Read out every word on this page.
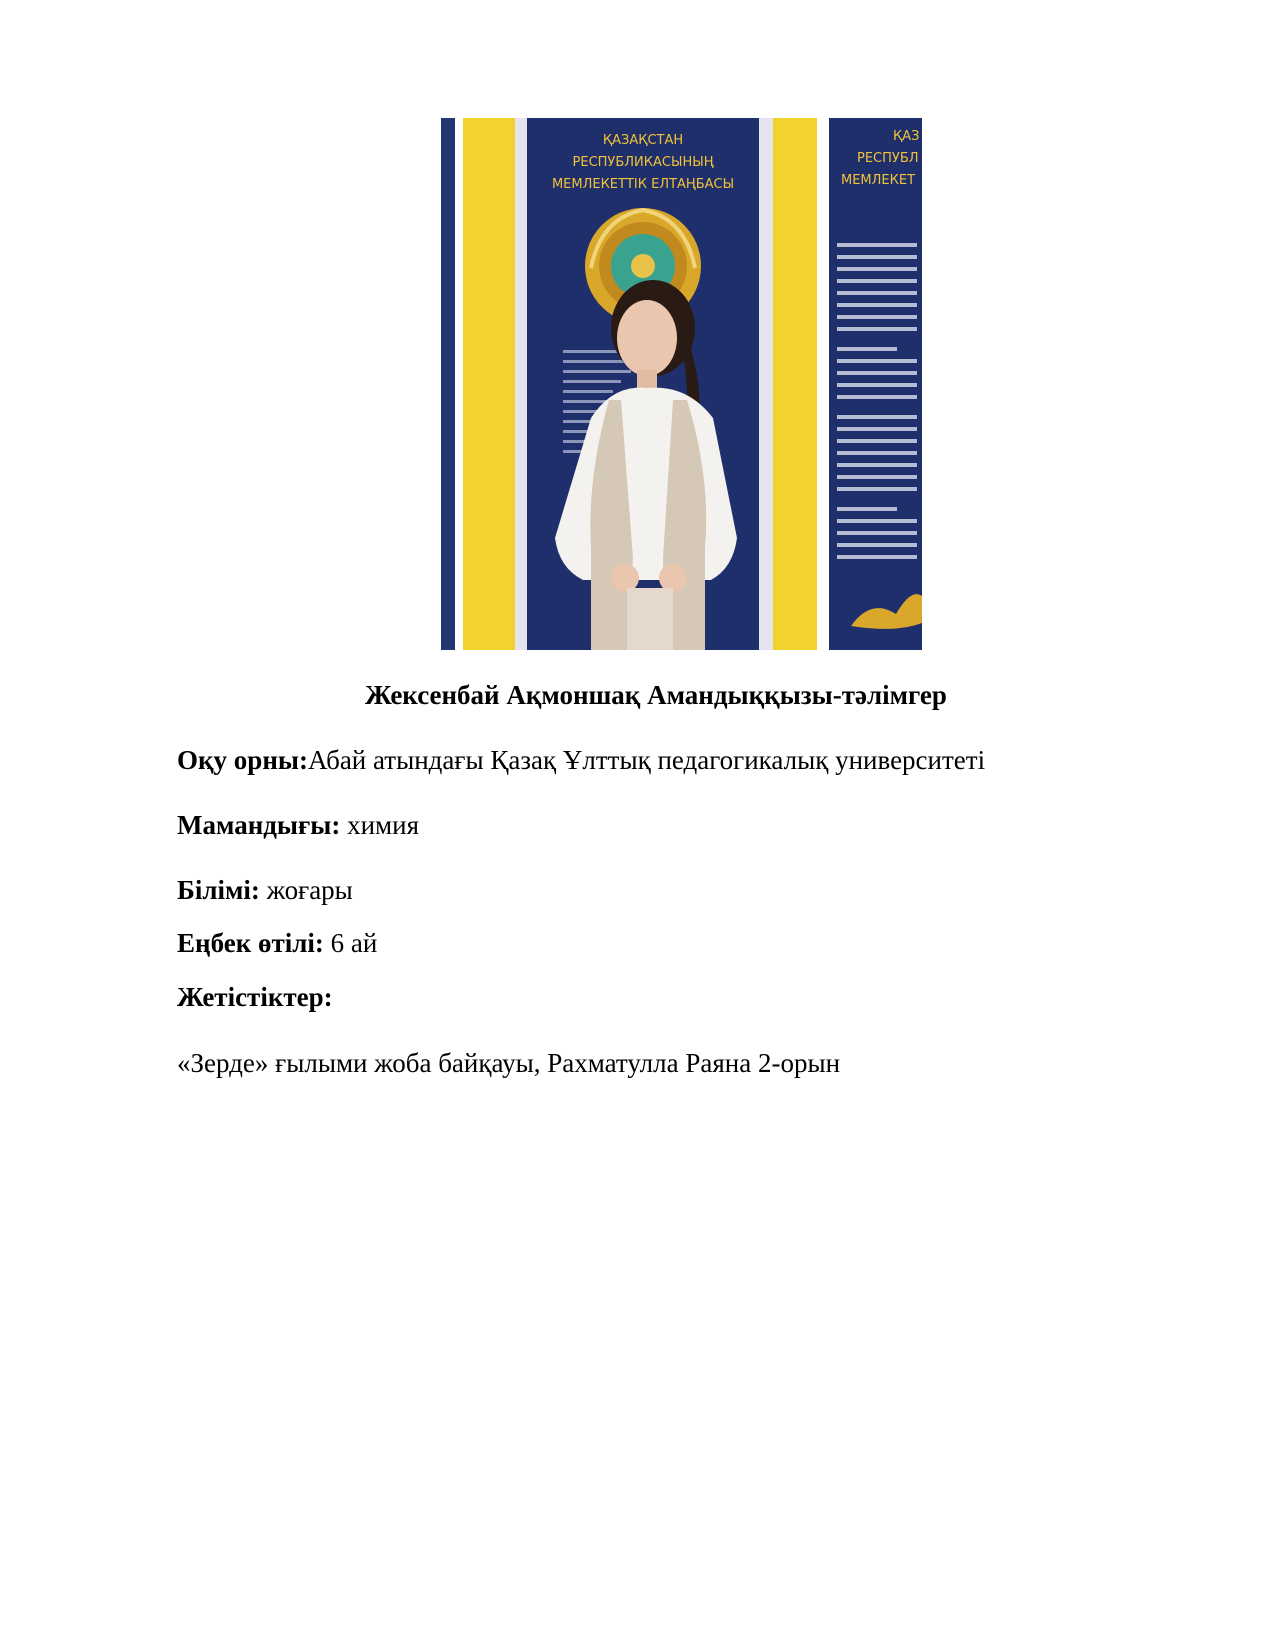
ҚАЗАҚСТАН
РЕСПУБЛИКАСЫНЫҢ
МЕМЛЕКЕТТІК ЕЛТАҢБАСЫ
ҚАЗ
РЕСПУБЛ
МЕМЛЕКЕТ
Жексенбай Ақмоншақ Амандыққызы-тәлімгер
Оқу орны:Абай атындағы Қазақ Ұлттық педагогикалық университеті
Мамандығы: химия
Білімі: жоғары
Еңбек өтілі: 6 ай
Жетістіктер:
«Зерде» ғылыми жоба байқауы, Рахматулла Раяна 2-орын
